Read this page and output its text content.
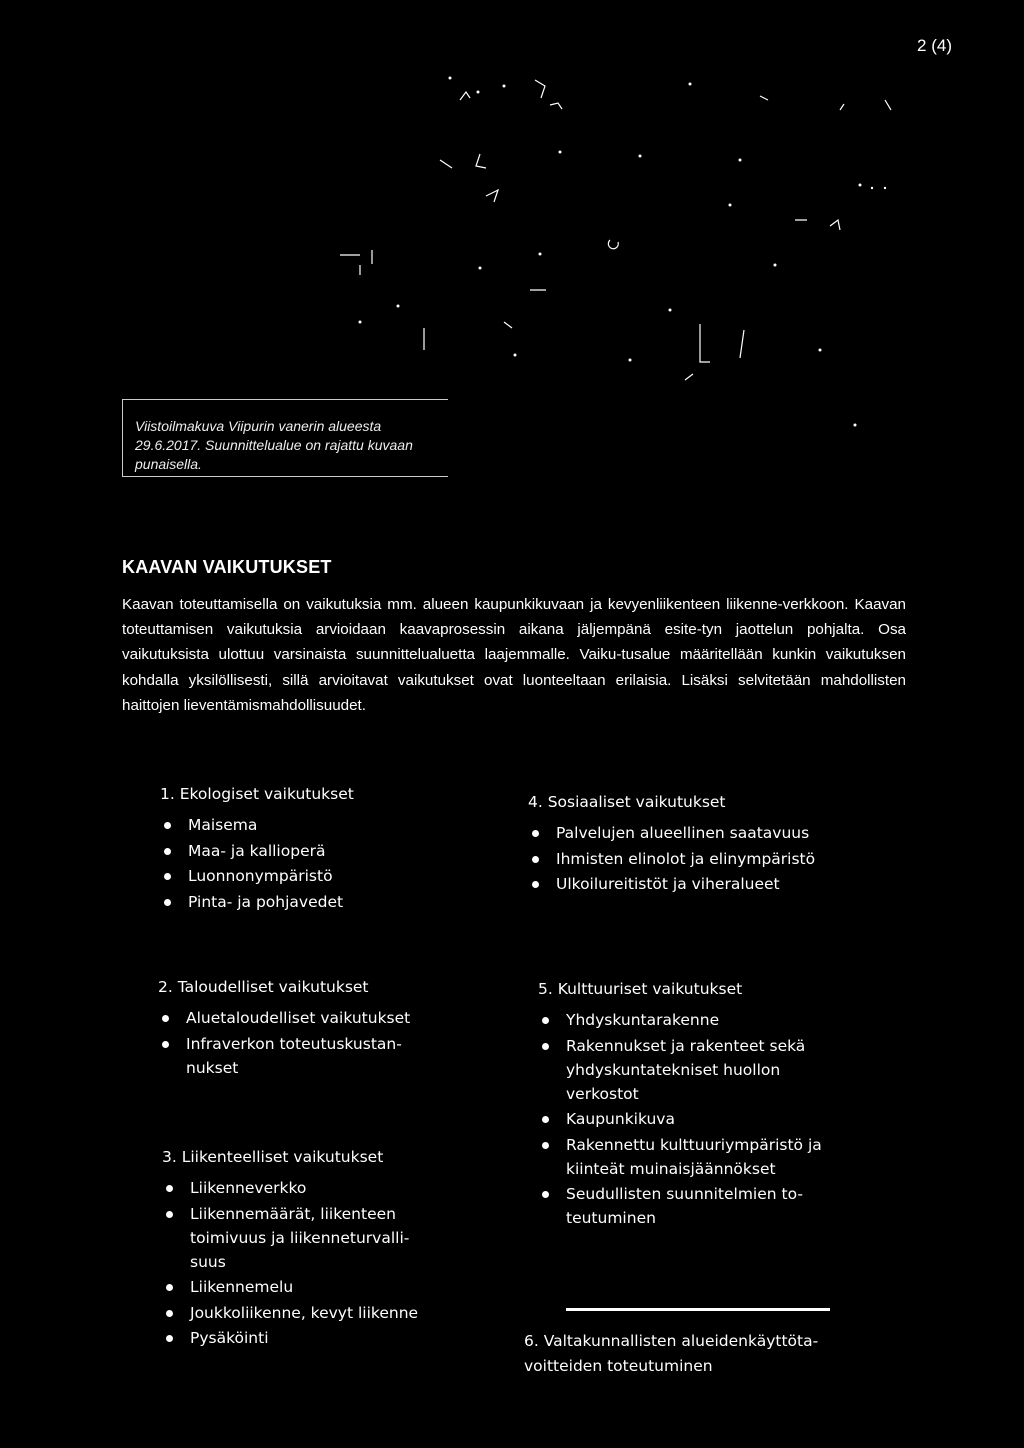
2 (4)
Viistoilmakuva Viipurin vanerin alueesta
29.6.2017. Suunnittelualue on rajattu kuvaan
punaisella.
KAAVAN VAIKUTUKSET
Kaavan toteuttamisella on vaikutuksia mm. alueen kaupunkikuvaan ja kevyenliikenteen liikenne-verkkoon. Kaavan toteuttamisen vaikutuksia arvioidaan kaavaprosessin aikana jäljempänä esite-tyn jaottelun pohjalta. Osa vaikutuksista ulottuu varsinaista suunnittelualuetta laajemmalle. Vaiku-tusalue määritellään kunkin vaikutuksen kohdalla yksilöllisesti, sillä arvioitavat vaikutukset ovat luonteeltaan erilaisia. Lisäksi selvitetään mahdollisten haittojen lieventämismahdollisuudet.
1. Ekologiset vaikutukset
Maisema
Maa- ja kallioperä
Luonnonympäristö
Pinta- ja pohjavedet
2. Taloudelliset vaikutukset
Aluetaloudelliset vaikutukset
Infraverkon toteutuskustan-nukset
3. Liikenteelliset vaikutukset
Liikenneverkko
Liikennemäärät, liikenteen toimivuus ja liikenneturvalli-suus
Liikennemelu
Joukkoliikenne, kevyt liikenne
Pysäköinti
4. Sosiaaliset vaikutukset
Palvelujen alueellinen saatavuus
Ihmisten elinolot ja elinympäristö
Ulkoilureitistöt ja viheralueet
5. Kulttuuriset vaikutukset
Yhdyskuntarakenne
Rakennukset ja rakenteet sekä yhdyskuntatekniset huollon verkostot
Kaupunkikuva
Rakennettu kulttuuriympäristö ja kiinteät muinaisjäännökset
Seudullisten suunnitelmien to-teutuminen
6. Valtakunnallisten alueidenkäyttöta-voitteiden toteutuminen
